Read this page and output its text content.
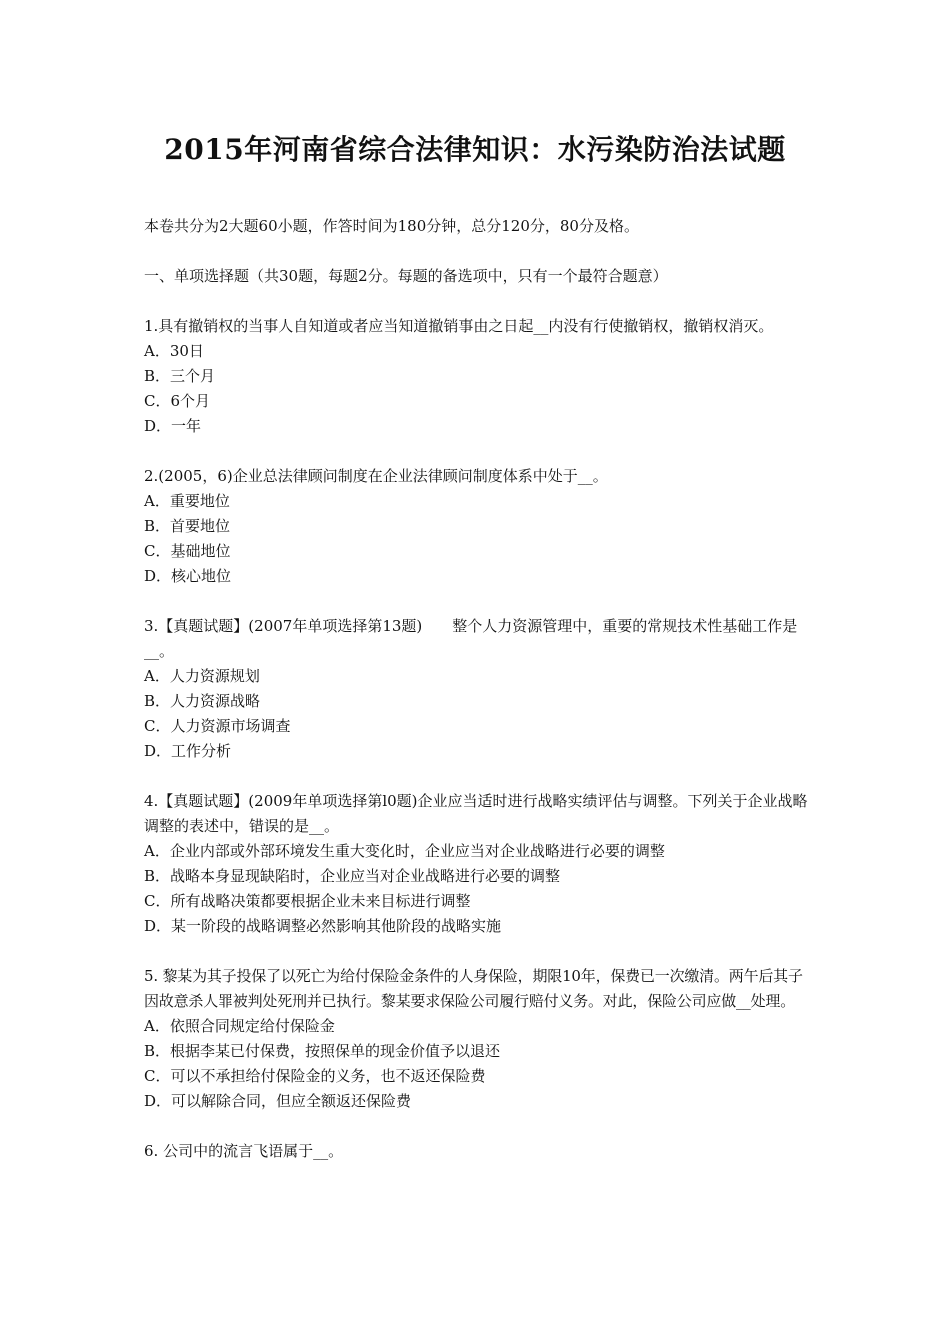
2015年河南省综合法律知识：水污染防治法试题

本卷共分为2大题60小题，作答时间为180分钟，总分120分，80分及格。

一、单项选择题（共30题，每题2分。每题的备选项中，只有一个最符合题意）

1.具有撤销权的当事人自知道或者应当知道撤销事由之日起__内没有行使撤销权，撤销权消灭。

A．30日

B．三个月

C．6个月

D．一年

2.(2005，6)企业总法律顾问制度在企业法律顾问制度体系中处于__。

A．重要地位

B．首要地位

C．基础地位

D．核心地位

3.【真题试题】(2007年单项选择第13题)　　整个人力资源管理中，重要的常规技术性基础工作是__。

A．人力资源规划

B．人力资源战略

C．人力资源市场调查

D．工作分析

4.【真题试题】(2009年单项选择第l0题)企业应当适时进行战略实绩评估与调整。下列关于企业战略调整的表述中，错误的是__。

A．企业内部或外部环境发生重大变化时，企业应当对企业战略进行必要的调整

B．战略本身显现缺陷时，企业应当对企业战略进行必要的调整

C．所有战略决策都要根据企业未来目标进行调整

D．某一阶段的战略调整必然影响其他阶段的战略实施

5. 黎某为其子投保了以死亡为给付保险金条件的人身保险，期限10年，保费已一次缴清。两午后其子因故意杀人罪被判处死刑并已执行。黎某要求保险公司履行赔付义务。对此，保险公司应做__处理。

A．依照合同规定给付保险金

B．根据李某已付保费，按照保单的现金价值予以退还

C．可以不承担给付保险金的义务，也不返还保险费

D．可以解除合同，但应全额返还保险费

6. 公司中的流言飞语属于__。
